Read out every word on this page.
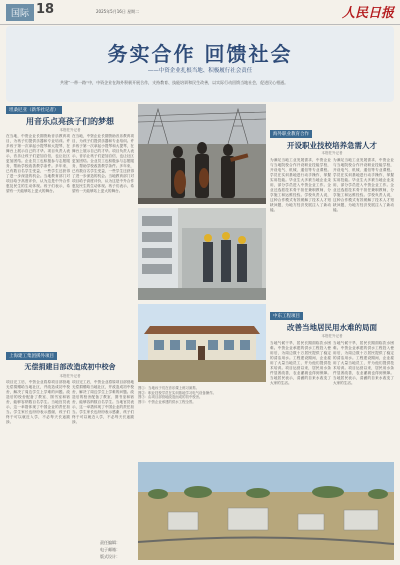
国际 18	2025年5月16日 星期二	人民日报
务实合作 回馈社会
——中资企业扎根当地、积极履行社会责任
共建“一带一路”中，中资企业在海外积极开展合作，支持教育、技能培训和民生改善，以实际行动回馈当地社会，促进民心相通。
坦桑尼亚（新华社记者）
用音乐点亮孩子们的梦想
本报驻外记者
在当地，中资企业长期资助音乐教育项目，为孩子们提供乐器和专业培训。许多孩子第一次拿起小提琴和大提琴，在舞台上展示自己的才华。项目负责人表示，音乐让孩子们更加自信，也让社区更加团结。企业员工也积极参与志愿服务，帮助学校改善教学条件。多年来，已有数百名学生受益，一些学生还获得了进一步深造的机会。当地教育部门对项目给予高度评价，认为这是中外合作惠及民生的生动体现。孩子们表示，希望有一天能够站上更大的舞台。
在当地，中资企业长期资助音乐教育项目，为孩子们提供乐器和专业培训。许多孩子第一次拿起小提琴和大提琴，在舞台上展示自己的才华。项目负责人表示，音乐让孩子们更加自信，也让社区更加团结。企业员工也积极参与志愿服务，帮助学校改善教学条件。多年来，已有数百名学生受益，一些学生还获得了进一步深造的机会。当地教育部门对项目给予高度评价，认为这是中外合作惠及民生的生动体现。孩子们表示，希望有一天能够站上更大的舞台。
海外职业教育合作
开设职业技校培养急需人才
本报驻外记者
为满足当地工业发展需求，中资企业与当地院校合作开设职业技能学校，开设电气、机械、通信等专业课程。学员在实训基地进行动手操作，掌握实用技能。毕业生大多被当地企业录用，部分学员进入中资企业工作。企业还选派技术骨干担任兼职教师，分享施工和运维经验。学校负责人说，这种合作模式有效缓解了技术人才短缺问题，为地方经济发展注入了新动能。
为满足当地工业发展需求，中资企业与当地院校合作开设职业技能学校，开设电气、机械、通信等专业课程。学员在实训基地进行动手操作，掌握实用技能。毕业生大多被当地企业录用，部分学员进入中资企业工作。企业还选派技术骨干担任兼职教师，分享施工和运维经验。学校负责人说，这种合作模式有效缓解了技术人才短缺问题，为地方经济发展注入了新动能。
上海建工集团援外项目
无偿捐建目部改造成初中校舍
本报驻外记者
项目完工后，中资企业将原项目部营地无偿捐赠给当地社区，并改造成初中校舍，解决了周边学生上学难的问题。改造后的校舍配备了教室、图书室和宿舍，能够容纳数百名学生。当地官员表示，这一举措体现了中国企业的责任担当。学生家长也纷纷表示感谢，孩子们终于可以就近入学，不必每天长途跋涉。
项目完工后，中资企业将原项目部营地无偿捐赠给当地社区，并改造成初中校舍，解决了周边学生上学难的问题。改造后的校舍配备了教室、图书室和宿舍，能够容纳数百名学生。当地官员表示，这一举措体现了中国企业的责任担当。学生家长也纷纷表示感谢，孩子们终于可以就近入学，不必每天长途跋涉。
图①：当地孩子们在音乐课上练习演奏。
图②：职业技校学员在实训基地学习电气设备操作。
图③：由项目部营地改造而成的初中校舍。
图④：中资企业承建的供水工程全景。
中东工程项目
改善当地居民用水难的局面
本报驻外记者
当地气候干旱，居民长期面临饮水困难。中资企业承建的供水工程投入使用后，为周边数十万居民提供了稳定的清洁用水。工程建设期间，企业雇用了大量当地员工，并为他们提供技术培训。项目运营以来，居民用水条件显著改善，农业灌溉也得到保障。当地居民表示，清澈的自来水改变了大家的生活。
当地气候干旱，居民长期面临饮水困难。中资企业承建的供水工程投入使用后，为周边数十万居民提供了稳定的清洁用水。工程建设期间，企业雇用了大量当地员工，并为他们提供技术培训。项目运营以来，居民用水条件显著改善，农业灌溉也得到保障。当地居民表示，清澈的自来水改变了大家的生活。
责任编辑：
电子邮箱：
版式设计：
